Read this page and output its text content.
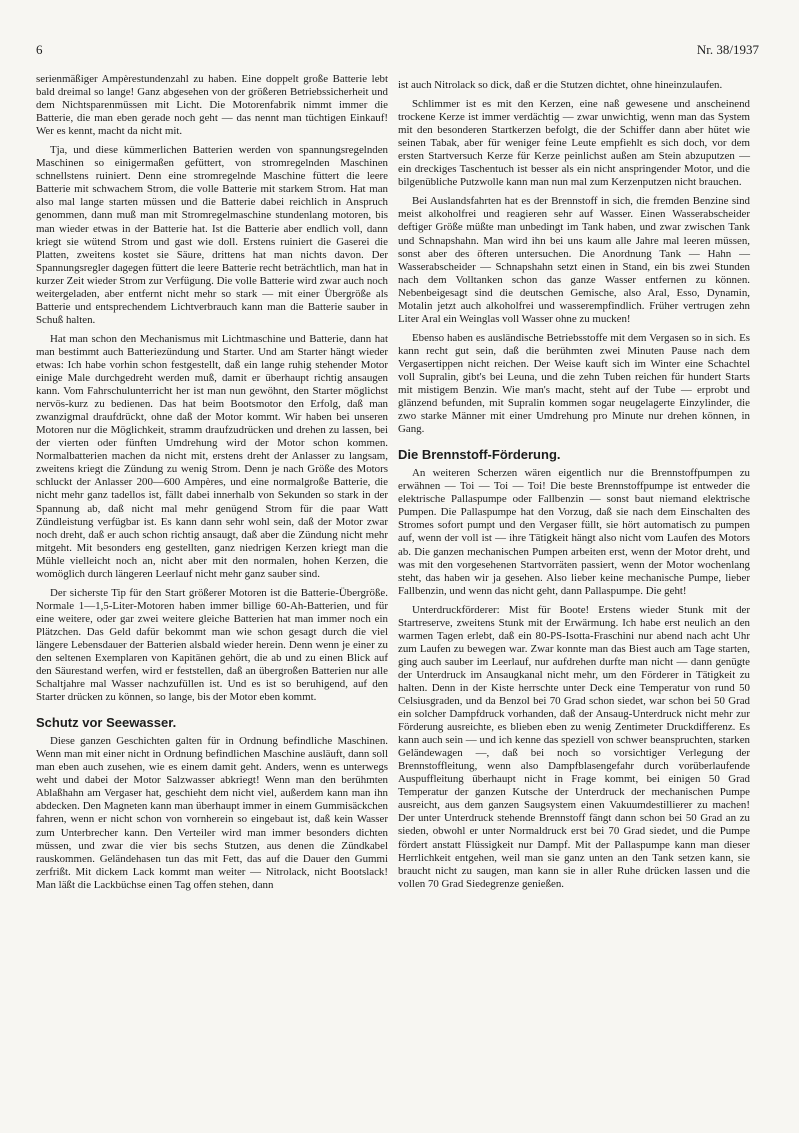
6	Nr. 38/1937

serienmäßiger Ampèrestundenzahl zu haben. Eine doppelt große Batterie lebt bald dreimal so lange! Ganz abgesehen von der größeren Betriebssicherheit und dem Nichtsparenmüssen mit Licht. Die Motorenfabrik nimmt immer die Batterie, die man eben gerade noch geht — das nennt man tüchtigen Einkauf! Wer es kennt, macht da nicht mit.

Tja, und diese kümmerlichen Batterien werden von spannungsregelnden Maschinen so einigermaßen gefüttert, von stromregelnden Maschinen schnellstens ruiniert. Denn eine stromregelnde Maschine füttert die leere Batterie mit schwachem Strom, die volle Batterie mit starkem Strom. Hat man also mal lange starten müssen und die Batterie dabei reichlich in Anspruch genommen, dann muß man mit Stromregelmaschine stundenlang motoren, bis man wieder etwas in der Batterie hat. Ist die Batterie aber endlich voll, dann kriegt sie wütend Strom und gast wie doll. Erstens ruiniert die Gaserei die Platten, zweitens kostet sie Säure, drittens hat man nichts davon. Der Spannungsregler dagegen füttert die leere Batterie recht beträchtlich, man hat in kurzer Zeit wieder Strom zur Verfügung. Die volle Batterie wird zwar auch noch weitergeladen, aber entfernt nicht mehr so stark — mit einer Übergröße als Batterie und entsprechendem Lichtverbrauch kann man die Batterie sauber in Schuß halten.

Hat man schon den Mechanismus mit Lichtmaschine und Batterie, dann hat man bestimmt auch Batteriezündung und Starter. Und am Starter hängt wieder etwas: Ich habe vorhin schon festgestellt, daß ein lange ruhig stehender Motor einige Male durchgedreht werden muß, damit er überhaupt richtig ansaugen kann. Vom Fahrschulunterricht her ist man nun gewöhnt, den Starter möglichst nervös-kurz zu bedienen. Das hat beim Bootsmotor den Erfolg, daß man zwanzigmal draufdrückt, ohne daß der Motor kommt. Wir haben bei unseren Motoren nur die Möglichkeit, stramm draufzudrücken und drehen zu lassen, bei der vierten oder fünften Umdrehung wird der Motor schon kommen. Normalbatterien machen da nicht mit, erstens dreht der Anlasser zu langsam, zweitens kriegt die Zündung zu wenig Strom. Denn je nach Größe des Motors schluckt der Anlasser 200—600 Ampères, und eine normalgroße Batterie, die nicht mehr ganz tadellos ist, fällt dabei innerhalb von Sekunden so stark in der Spannung ab, daß nicht mal mehr genügend Strom für die paar Watt Zündleistung verfügbar ist. Es kann dann sehr wohl sein, daß der Motor zwar noch dreht, daß er auch schon richtig ansaugt, daß aber die Zündung nicht mehr mitgeht. Mit besonders eng gestellten, ganz niedrigen Kerzen kriegt man die Mühle vielleicht noch an, nicht aber mit den normalen, hohen Kerzen, die womöglich durch längeren Leerlauf nicht mehr ganz sauber sind.

Der sicherste Tip für den Start größerer Motoren ist die Batterie-Übergröße. Normale 1—1,5-Liter-Motoren haben immer billige 60-Ah-Batterien, und für eine weitere, oder gar zwei weitere gleiche Batterien hat man immer noch ein Plätzchen. Das Geld dafür bekommt man wie schon gesagt durch die viel längere Lebensdauer der Batterien alsbald wieder herein. Denn wenn je einer zu den seltenen Exemplaren von Kapitänen gehört, die ab und zu einen Blick auf den Säurestand werfen, wird er feststellen, daß an übergroßen Batterien nur alle Schaltjahre mal Wasser nachzufüllen ist. Und es ist so beruhigend, auf den Starter drücken zu können, so lange, bis der Motor eben kommt.

Schutz vor Seewasser.

Diese ganzen Geschichten galten für in Ordnung befindliche Maschinen. Wenn man mit einer nicht in Ordnung befindlichen Maschine ausläuft, dann soll man eben auch zusehen, wie es einem damit geht. Anders, wenn es unterwegs weht und dabei der Motor Salzwasser abkriegt! Wenn man den berühmten Ablaßhahn am Vergaser hat, geschieht dem nicht viel, außerdem kann man ihn abdecken. Den Magneten kann man überhaupt immer in einem Gummisäckchen fahren, wenn er nicht schon von vornherein so eingebaut ist, daß kein Wasser zum Unterbrecher kann. Den Verteiler wird man immer besonders dichten müssen, und zwar die vier bis sechs Stutzen, aus denen die Zündkabel rauskommen. Geländehasen tun das mit Fett, das auf die Dauer den Gummi zerfrißt. Mit dickem Lack kommt man weiter — Nitrolack, nicht Bootslack! Man läßt die Lackbüchse einen Tag offen stehen, dann

ist auch Nitrolack so dick, daß er die Stutzen dichtet, ohne hineinzulaufen.

Schlimmer ist es mit den Kerzen, eine naß gewesene und anscheinend trockene Kerze ist immer verdächtig — zwar unwichtig, wenn man das System mit den besonderen Startkerzen befolgt, die der Schiffer dann aber hütet wie seinen Tabak, aber für weniger feine Leute empfiehlt es sich doch, vor dem ersten Startversuch Kerze für Kerze peinlichst außen am Stein abzuputzen — ein dreckiges Taschentuch ist besser als ein nicht anspringender Motor, und die bilgenübliche Putzwolle kann man nun mal zum Kerzenputzen nicht brauchen.

Bei Auslandsfahrten hat es der Brennstoff in sich, die fremden Benzine sind meist alkoholfrei und reagieren sehr auf Wasser. Einen Wasserabscheider deftiger Größe müßte man unbedingt im Tank haben, und zwar zwischen Tank und Schnapshahn. Man wird ihn bei uns kaum alle Jahre mal leeren müssen, sonst aber des öfteren untersuchen. Die Anordnung Tank — Hahn — Wasserabscheider — Schnapshahn setzt einen in Stand, ein bis zwei Stunden nach dem Volltanken schon das ganze Wasser entfernen zu können. Nebenbeigesagt sind die deutschen Gemische, also Aral, Esso, Dynamin, Motalin jetzt auch alkoholfrei und wasserempfindlich. Früher vertrugen zehn Liter Aral ein Weinglas voll Wasser ohne zu mucken!

Ebenso haben es ausländische Betriebsstoffe mit dem Vergasen so in sich. Es kann recht gut sein, daß die berühmten zwei Minuten Pause nach dem Vergasertippen nicht reichen. Der Weise kauft sich im Winter eine Schachtel voll Supralin, gibt's bei Leuna, und die zehn Tuben reichen für hundert Starts mit mistigem Benzin. Wie man's macht, steht auf der Tube — erprobt und glänzend befunden, mit Supralin kommen sogar neugelagerte Einzylinder, die zwo starke Männer mit einer Umdrehung pro Minute nur drehen können, in Gang.

Die Brennstoff-Förderung.

An weiteren Scherzen wären eigentlich nur die Brennstoffpumpen zu erwähnen — Toi — Toi — Toi! Die beste Brennstoffpumpe ist entweder die elektrische Pallaspumpe oder Fallbenzin — sonst baut niemand elektrische Pumpen. Die Pallaspumpe hat den Vorzug, daß sie nach dem Einschalten des Stromes sofort pumpt und den Vergaser füllt, sie hört automatisch zu pumpen auf, wenn der voll ist — ihre Tätigkeit hängt also nicht vom Laufen des Motors ab. Die ganzen mechanischen Pumpen arbeiten erst, wenn der Motor dreht, und was mit den vorgesehenen Startvorräten passiert, wenn der Motor wochenlang steht, das haben wir ja gesehen. Also lieber keine mechanische Pumpe, lieber Fallbenzin, und wenn das nicht geht, dann Pallaspumpe. Die geht!

Unterdruckförderer: Mist für Boote! Erstens wieder Stunk mit der Startreserve, zweitens Stunk mit der Erwärmung. Ich habe erst neulich an den warmen Tagen erlebt, daß ein 80-PS-Isotta-Fraschini nur abend nach acht Uhr zum Laufen zu bewegen war. Zwar konnte man das Biest auch am Tage starten, ging auch sauber im Leerlauf, nur aufdrehen durfte man nicht — dann genügte der Unterdruck im Ansaugkanal nicht mehr, um den Förderer in Tätigkeit zu halten. Denn in der Kiste herrschte unter Deck eine Temperatur von rund 50 Celsiusgraden, und da Benzol bei 70 Grad schon siedet, war schon bei 50 Grad ein solcher Dampfdruck vorhanden, daß der Ansaug-Unterdruck nicht mehr zur Förderung ausreichte, es blieben eben zu wenig Zentimeter Druckdifferenz. Es kann auch sein — und ich kenne das speziell von schwer beanspruchten, starken Geländewagen —, daß bei noch so vorsichtiger Verlegung der Brennstoffleitung, wenn also Dampfblasengefahr durch vorüberlaufende Auspuffleitung überhaupt nicht in Frage kommt, bei einigen 50 Grad Temperatur der ganzen Kutsche der Unterdruck der mechanischen Pumpe ausreicht, aus dem ganzen Saugsystem einen Vakuumdestillierer zu machen! Der unter Unterdruck stehende Brennstoff fängt dann schon bei 50 Grad an zu sieden, obwohl er unter Normaldruck erst bei 70 Grad siedet, und die Pumpe fördert anstatt Flüssigkeit nur Dampf. Mit der Pallaspumpe kann man dieser Herrlichkeit entgehen, weil man sie ganz unten an den Tank setzen kann, sie braucht nicht zu saugen, man kann sie in aller Ruhe drücken lassen und die vollen 70 Grad Siedegrenze genießen.
